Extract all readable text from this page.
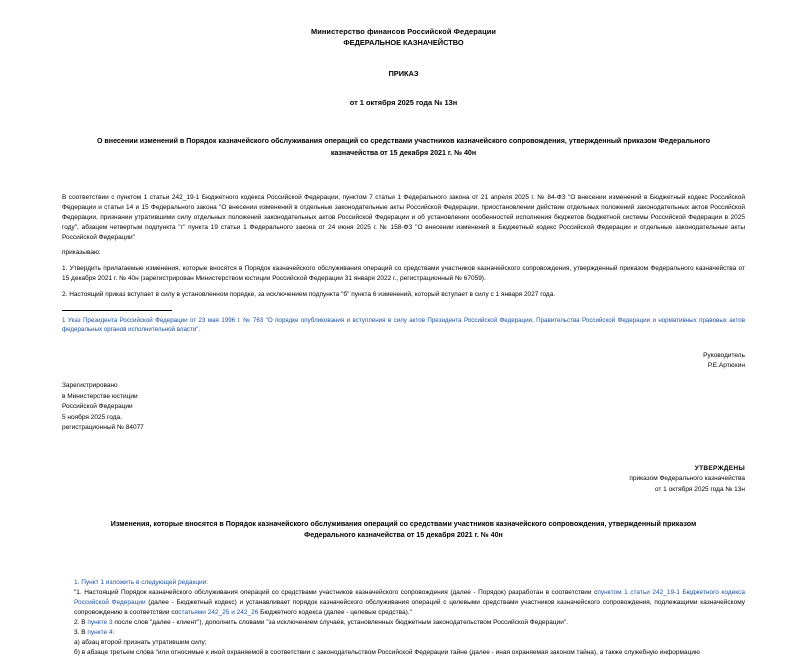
Министерство финансов Российской Федерации
ФЕДЕРАЛЬНОЕ КАЗНАЧЕЙСТВО
ПРИКАЗ
от 1 октября 2025 года № 13н
О внесении изменений в Порядок казначейского обслуживания операций со средствами участников казначейского сопровождения, утвержденный приказом Федерального казначейства от 15 декабря 2021 г. № 40н

В соответствии с пунктом 1 статьи 242_19-1 Бюджетного кодекса Российской Федерации, пунктом 7 статьи 1 Федерального закона от 21 апреля 2025 г. № 84-ФЗ "О внесении изменений в Бюджетный кодекс Российской Федерации и статьи 14 и 15 Федерального закона "О внесении изменений в отдельные законодательные акты Российской Федерации, приостановлении действие отдельных положений законодательных актов Российской Федерации, признании утратившими силу отдельных положений законодательных актов Российской Федерации и об установлении особенностей исполнения бюджетов бюджетной системы Российской Федерации в 2025 году", абзацем четвертым подпункта "г" пункта 19 статьи 1 Федерального закона от 24 июня 2025 г. № 158-ФЗ "О внесении изменений в Бюджетный кодекс Российской Федерации и отдельные законодательные акты Российской Федерации"

приказываю:

1. Утвердить прилагаемые изменения, которые вносятся в Порядок казначейского обслуживания операций со средствами участников казначейского сопровождения, утвержденный приказом Федерального казначейства от 15 декабря 2021 г. № 40н (зарегистрирован Министерством юстиции Российской Федерации 31 января 2022 г., регистрационный № 67059).

2. Настоящий приказ вступает в силу в установленном порядке, за исключением подпункта "б" пункта 6 изменений, который вступает в силу с 1 января 2027 года.

1 Указ Президента Российской Федерации от 23 мая 1996 г. № 763 "О порядке опубликования и вступления в силу актов Президента Российской Федерации, Правительства Российской Федерации и нормативных правовых актов федеральных органов исполнительной власти".
Руководитель
Р.Е.Артюхин
Зарегистрировано
в Министерстве юстиции
Российской Федерации
5 ноября 2025 года,
регистрационный № 84077
УТВЕРЖДЕНЫ
приказом Федерального казначейства
от 1 октября 2025 года № 13н
Изменения, которые вносятся в Порядок казначейского обслуживания операций со средствами участников казначейского сопровождения, утвержденный приказом Федерального казначейства от 15 декабря 2021 г. № 40н

1. Пункт 1 изложить в следующей редакции:

"1. Настоящий Порядок казначейского обслуживания операций со средствами участников казначейского сопровождения (далее - Порядок) разработан в соответствии спунктом 1 статьи 242_19-1 Бюджетного кодекса Российской Федерации (далее - Бюджетный кодекс) и устанавливает порядок казначейского обслуживания операций с целевыми средствами участников казначейского сопровождения, подлежащими казначейскому сопровождению в соответствии состатьями 242_25 и 242_26 Бюджетного кодекса (далее - целевые средства)."

2. В пункте 3 после слов "далее - клиент"), дополнить словами "за исключением случаев, установленных бюджетным законодательством Российской Федерации".

3. В пункте 4:

а) абзац второй признать утратившим силу;

б) в абзаце третьем слова "или относимые к иной охраняемой в соответствии с законодательством Российской Федерации тайне (далее - иная охраняемая законом тайна), а также служебную информацию
